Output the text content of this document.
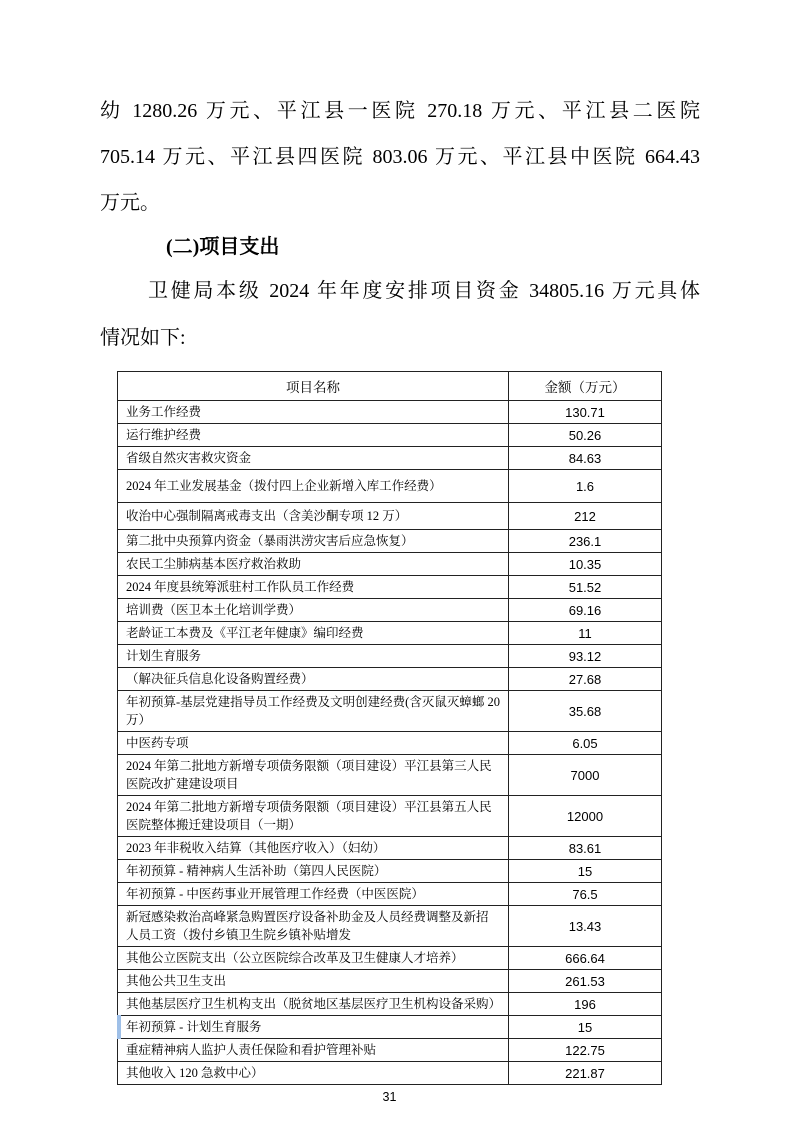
幼 1280.26 万元、平江县一医院 270.18 万元、平江县二医院
705.14 万元、平江县四医院 803.06 万元、平江县中医院 664.43
万元。
(二)项目支出
卫健局本级 2024 年年度安排项目资金 34805.16 万元具体
情况如下:
项目名称	金额（万元）
业务工作经费	130.71
运行维护经费	50.26
省级自然灾害救灾资金	84.63
2024 年工业发展基金（拨付四上企业新增入库工作经费）	1.6
收治中心强制隔离戒毒支出（含美沙酮专项 12 万）	212
第二批中央预算内资金（暴雨洪涝灾害后应急恢复）	236.1
农民工尘肺病基本医疗救治救助	10.35
2024 年度县统筹派驻村工作队员工作经费	51.52
培训费（医卫本土化培训学费）	69.16
老龄证工本费及《平江老年健康》编印经费	11
计划生育服务	93.12
（解决征兵信息化设备购置经费）	27.68
年初预算-基层党建指导员工作经费及文明创建经费(含灭鼠灭蟑螂 20 万）	35.68
中医药专项	6.05
2024 年第二批地方新增专项债务限额（项目建设）平江县第三人民医院改扩建建设项目	7000
2024 年第二批地方新增专项债务限额（项目建设）平江县第五人民医院整体搬迁建设项目（一期）	12000
2023 年非税收入结算（其他医疗收入）（妇幼）	83.61
年初预算 - 精神病人生活补助（第四人民医院）	15
年初预算 - 中医药事业开展管理工作经费（中医医院）	76.5
新冠感染救治高峰紧急购置医疗设备补助金及人员经费调整及新招人员工资（拨付乡镇卫生院乡镇补贴增发	13.43
其他公立医院支出（公立医院综合改革及卫生健康人才培养）	666.64
其他公共卫生支出	261.53
其他基层医疗卫生机构支出（脱贫地区基层医疗卫生机构设备采购）	196
年初预算 - 计划生育服务	15
重症精神病人监护人责任保险和看护管理补贴	122.75
其他收入 120 急救中心）	221.87
31
